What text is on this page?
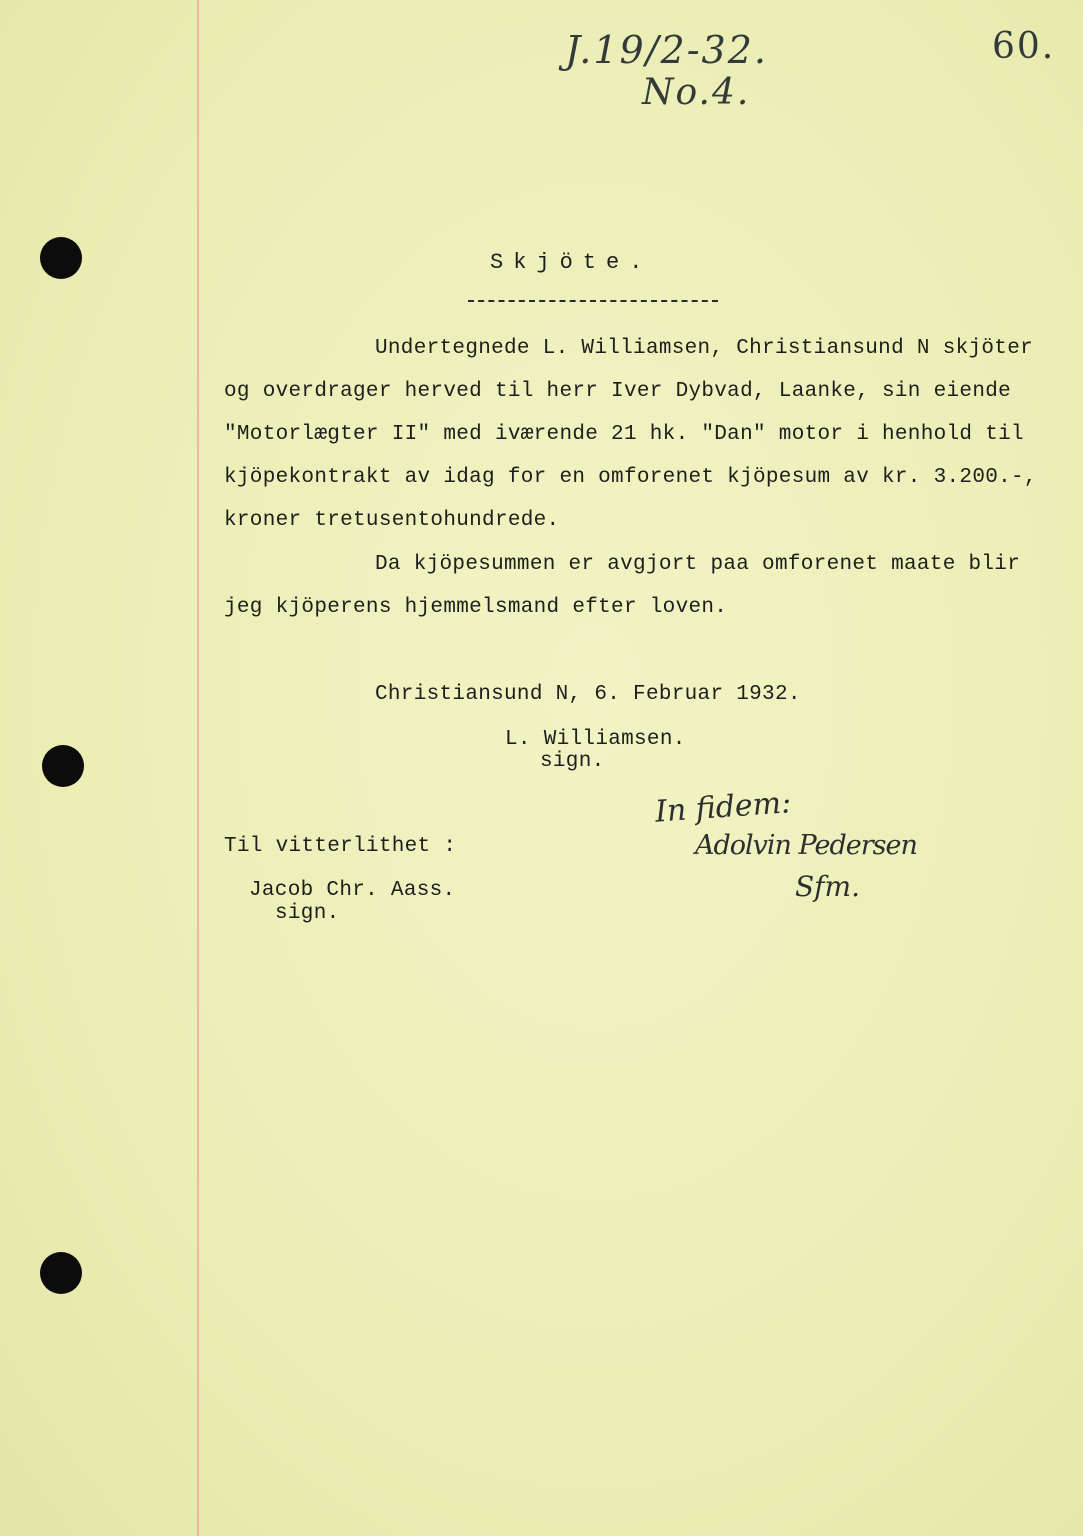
J.19/2-32.
No.4.
60.
Skjöte.
Undertegnede L. Williamsen, Christiansund N skjöter
og overdrager herved til herr Iver Dybvad, Laanke, sin eiende
"Motorlægter II" med iværende 21 hk. "Dan" motor i henhold til
kjöpekontrakt av idag for en omforenet kjöpesum av kr. 3.200.-,
kroner tretusentohundrede.
Da kjöpesummen er avgjort paa omforenet maate blir
jeg kjöperens hjemmelsmand efter loven.
Christiansund N, 6. Februar 1932.
L. Williamsen.
sign.
Til vitterlithet :
Jacob Chr. Aass.
sign.
In fidem:
Adolvin Pedersen
Sfm.
